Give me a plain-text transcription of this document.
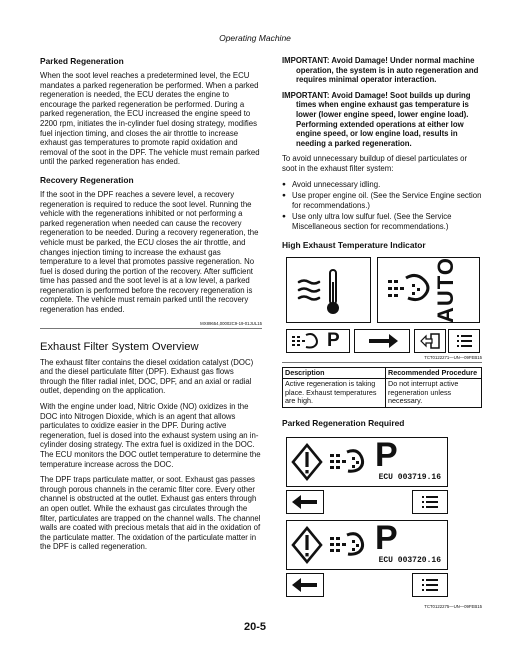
Operating Machine
Parked Regeneration

When the soot level reaches a predetermined level, the ECU mandates a parked regeneration be performed. When a parked regeneration is needed, the ECU derates the engine to encourage the parked regeneration be performed. During a parked regeneration, the ECU increased the engine speed to 2200 rpm, initiates the in-cylinder fuel dosing strategy, modifies fuel injection timing, and closes the air throttle to increase exhaust gas temperatures to promote rapid oxidation and removal of the soot in the DPF. The vehicle must remain parked until the parked regeneration has ended.

Recovery Regeneration

If the soot in the DPF reaches a severe level, a recovery regeneration is required to reduce the soot level. Running the vehicle with the regenerations inhibited or not performing a parked regeneration when needed can cause the recovery regeneration to be needed. During a recovery regeneration, the vehicle must be parked, the ECU closes the air throttle, and changes injection timing to increase the exhaust gas temperature to a level that promotes passive regeneration. No fuel is dosed during the portion of the recovery. After sufficient time has passed and the soot level is at a low level, a parked regeneration is performed before the recovery regeneration is complete. The vehicle must remain parked until the recovery regeneration has ended.

MX89654,00002C9-19-01JUL15
Exhaust Filter System Overview

The exhaust filter contains the diesel oxidation catalyst (DOC) and the diesel particulate filter (DPF). Exhaust gas flows through the filter radial inlet, DOC, DPF, and an axial or radial outlet, depending on the application.

With the engine under load, Nitric Oxide (NO) oxidizes in the DOC into Nitrogen Dioxide, which is an agent that allows particulates to oxidize easier in the DPF. During active regeneration, fuel is dosed into the exhaust system using an in-cylinder dosing strategy. The extra fuel is oxidized in the DOC. The ECU monitors the DOC outlet temperature to determine the temperature increase across the DOC.

The DPF traps particulate matter, or soot. Exhaust gas passes through porous channels in the ceramic filter core. Every other channel is obstructed at the outlet. Exhaust gas enters through an open outlet. While the exhaust gas circulates through the filter, particulates are trapped on the channel walls. The channel walls are coated with precious metals that aid in the oxidation of the particulate matter. The oxidation of the particulate matter in the DPF is called regeneration.

IMPORTANT: Avoid Damage! Under normal machine operation, the system is in auto regeneration and requires minimal operator interaction.
IMPORTANT: Avoid Damage! Soot builds up during times when engine exhaust gas temperature is lower (lower engine speed, lower engine load). Performing extended operations at either low engine speed, or low engine load, results in needing a parked regeneration.

To avoid unnecessary buildup of diesel particulates or soot in the exhaust filter system:

● Avoid unnecessary idling.
● Use proper engine oil. (See the Service Engine section for recommendations.)
● Use only ultra low sulfur fuel. (See the Service Miscellaneous section for recommendations.)
High Exhaust Temperature Indicator
AUTO
P
TCT0122271—UN—09FEB15
Description	Recommended Procedure
Active regeneration is taking place. Exhaust temperatures are high.	Do not interrupt active regeneration unless necessary.
Parked Regeneration Required
P
ECU 003719.16
P
ECU 003720.16
TCT0122275—UN—09FEB15
20-5
